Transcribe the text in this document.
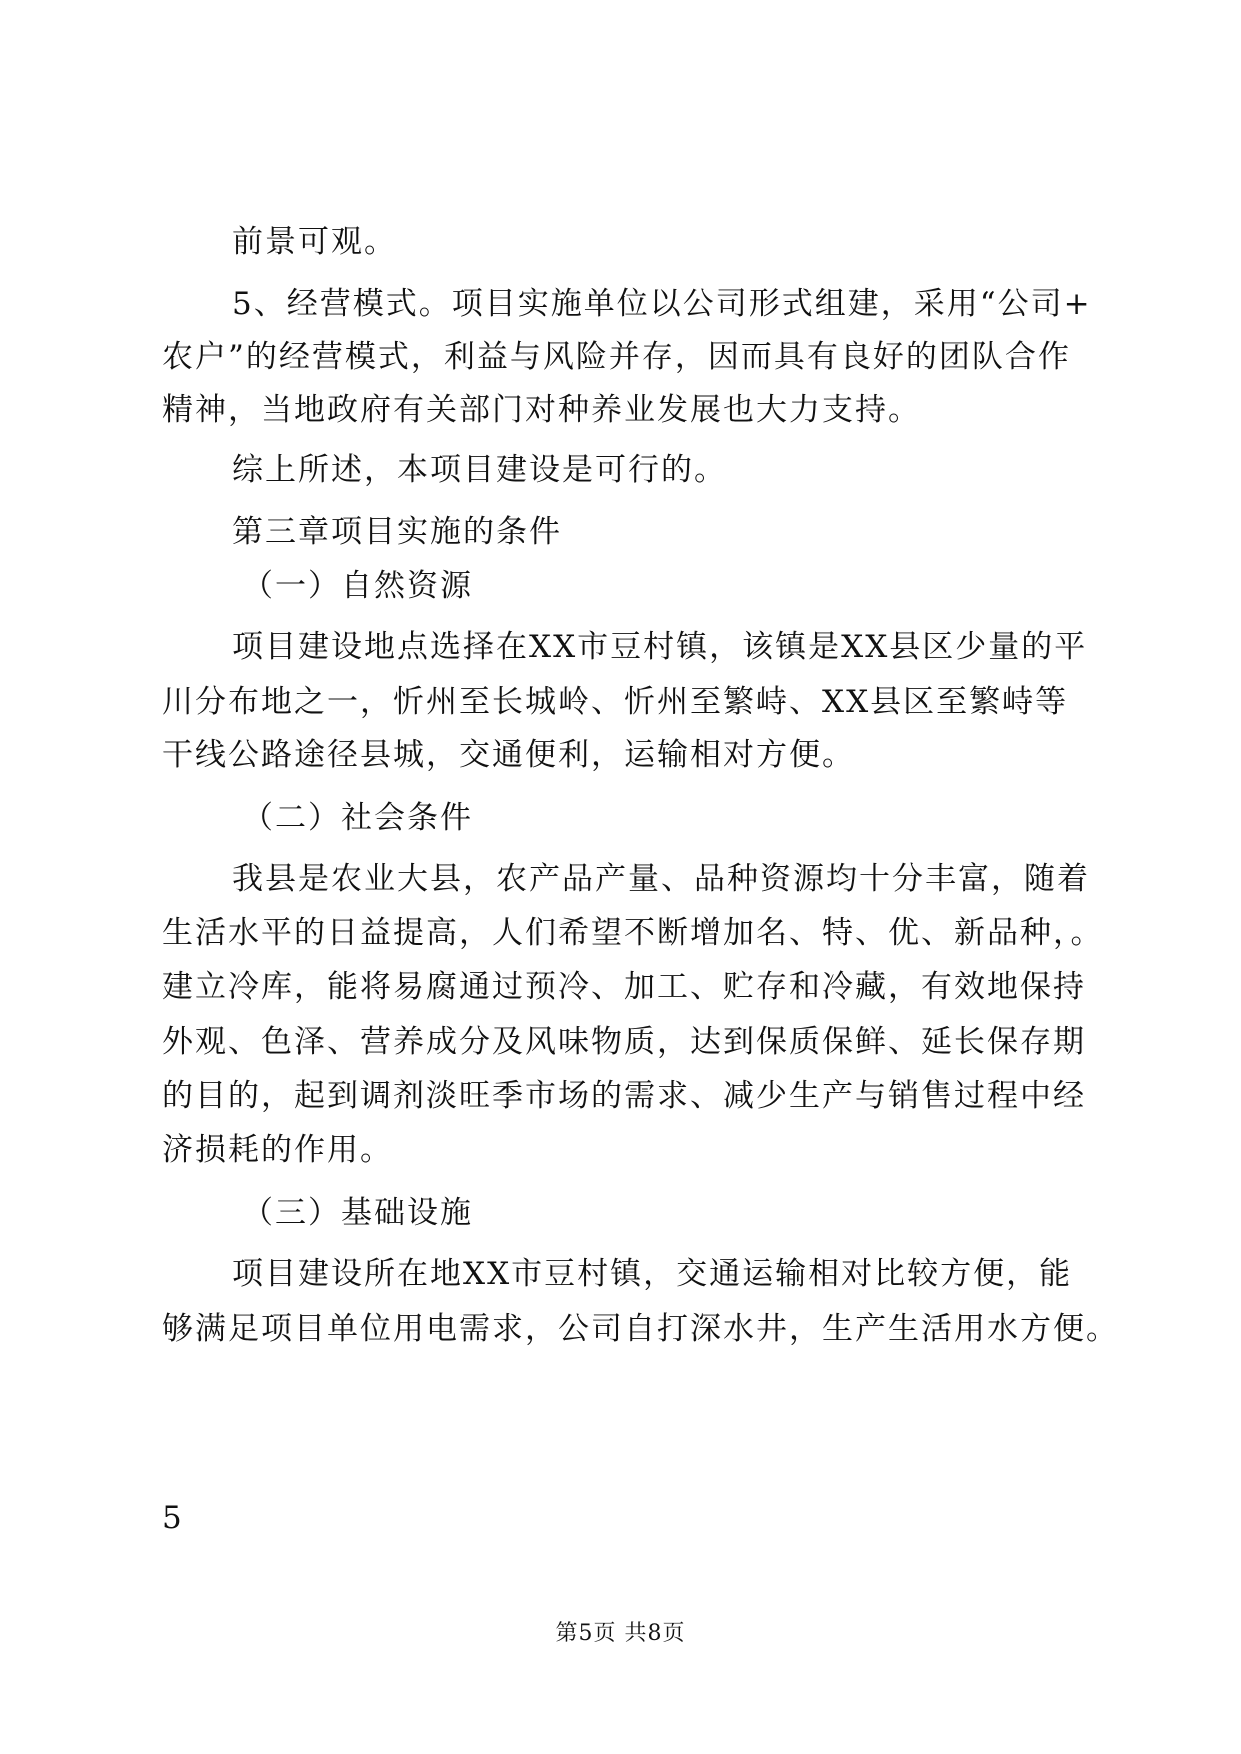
前景可观。
5、经营模式。项目实施单位以公司形式组建，采用“公司+
农户”的经营模式，利益与风险并存，因而具有良好的团队合作
精神，当地政府有关部门对种养业发展也大力支持。
综上所述，本项目建设是可行的。
第三章项目实施的条件
（一）自然资源
项目建设地点选择在XX市豆村镇，该镇是XX县区少量的平
川分布地之一，忻州至长城岭、忻州至繁峙、XX县区至繁峙等
干线公路途径县城，交通便利，运输相对方便。
（二）社会条件
我县是农业大县，农产品产量、品种资源均十分丰富，随着
生活水平的日益提高，人们希望不断增加名、特、优、新品种，。
建立冷库，能将易腐通过预冷、加工、贮存和冷藏，有效地保持
外观、色泽、营养成分及风味物质，达到保质保鲜、延长保存期
的目的，起到调剂淡旺季市场的需求、减少生产与销售过程中经
济损耗的作用。
（三）基础设施
项目建设所在地XX市豆村镇，交通运输相对比较方便，能
够满足项目单位用电需求，公司自打深水井，生产生活用水方便。
5
第5页 共8页
